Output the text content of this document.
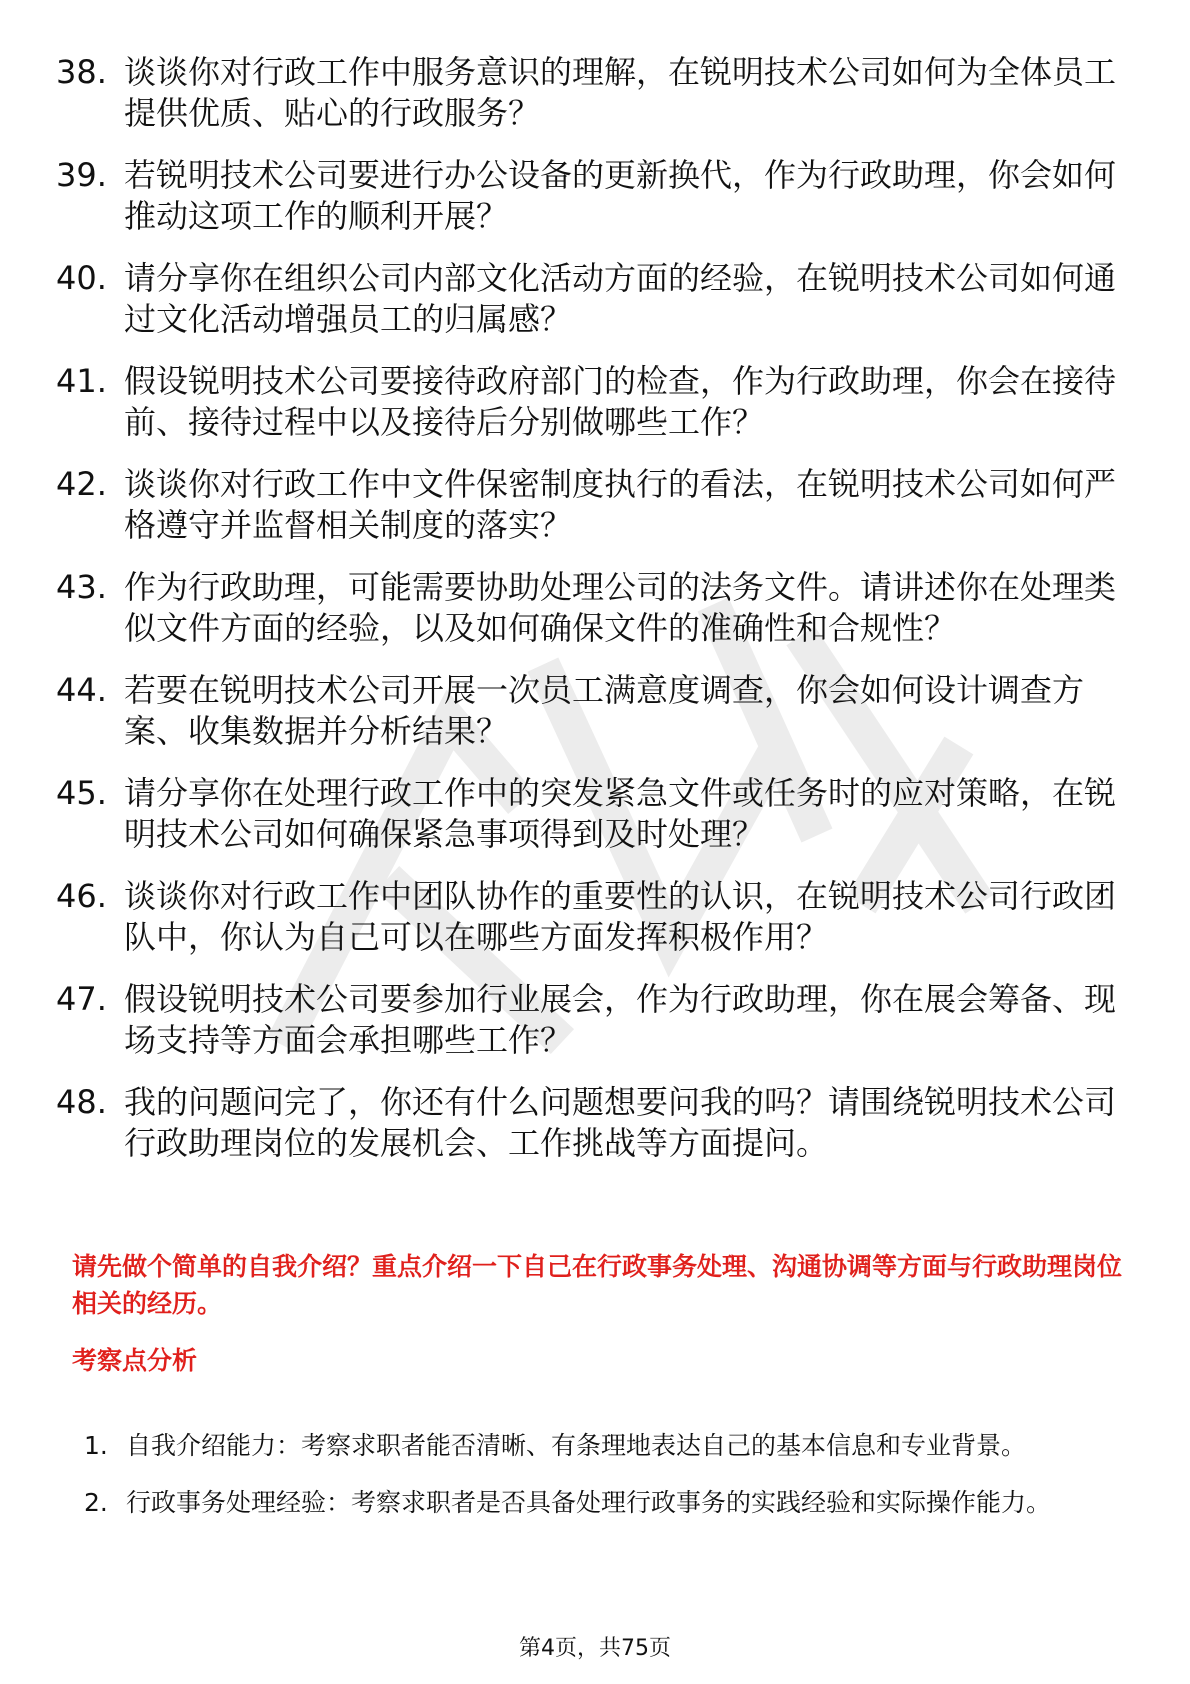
38. 谈谈你对行政工作中服务意识的理解，在锐明技术公司如何为全体员工提供优质、贴心的行政服务？
39. 若锐明技术公司要进行办公设备的更新换代，作为行政助理，你会如何推动这项工作的顺利开展？
40. 请分享你在组织公司内部文化活动方面的经验，在锐明技术公司如何通过文化活动增强员工的归属感？
41. 假设锐明技术公司要接待政府部门的检查，作为行政助理，你会在接待前、接待过程中以及接待后分别做哪些工作？
42. 谈谈你对行政工作中文件保密制度执行的看法，在锐明技术公司如何严格遵守并监督相关制度的落实？
43. 作为行政助理，可能需要协助处理公司的法务文件。请讲述你在处理类似文件方面的经验，以及如何确保文件的准确性和合规性？
44. 若要在锐明技术公司开展一次员工满意度调查，你会如何设计调查方案、收集数据并分析结果？
45. 请分享你在处理行政工作中的突发紧急文件或任务时的应对策略，在锐明技术公司如何确保紧急事项得到及时处理？
46. 谈谈你对行政工作中团队协作的重要性的认识，在锐明技术公司行政团队中，你认为自己可以在哪些方面发挥积极作用？
47. 假设锐明技术公司要参加行业展会，作为行政助理，你在展会筹备、现场支持等方面会承担哪些工作？
48. 我的问题问完了，你还有什么问题想要问我的吗？请围绕锐明技术公司行政助理岗位的发展机会、工作挑战等方面提问。
请先做个简单的自我介绍？重点介绍一下自己在行政事务处理、沟通协调等方面与行政助理岗位相关的经历。
考察点分析
1. 自我介绍能力：考察求职者能否清晰、有条理地表达自己的基本信息和专业背景。
2. 行政事务处理经验：考察求职者是否具备处理行政事务的实践经验和实际操作能力。
第4页，共75页
